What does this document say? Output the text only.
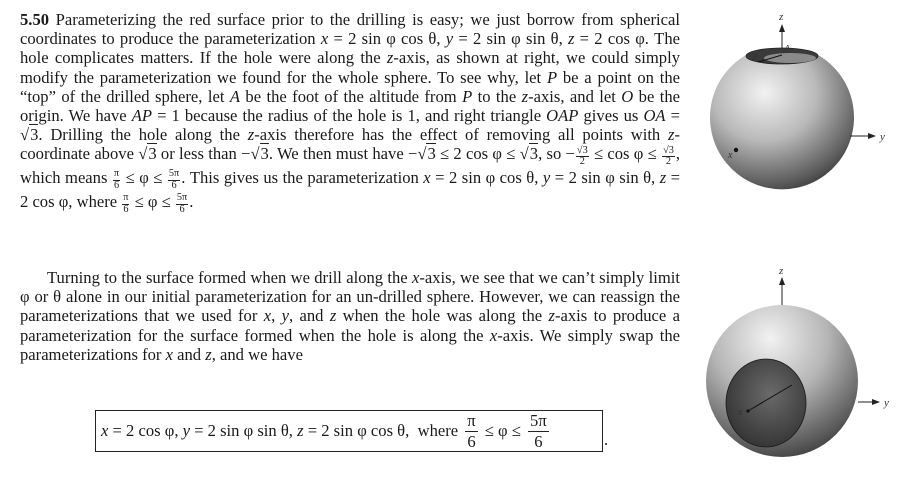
5.50 Parameterizing the red surface prior to the drilling is easy; we just borrow from spherical coordinates to produce the parameterization x = 2 sin φ cos θ, y = 2 sin φ sin θ, z = 2 cos φ. The hole complicates matters. If the hole were along the z-axis, as shown at right, we could simply modify the parameterization we found for the whole sphere. To see why, let P be a point on the “top” of the drilled sphere, let A be the foot of the altitude from P to the z-axis, and let O be the origin. We have AP = 1 because the radius of the hole is 1, and right triangle OAP gives us OA = √3. Drilling the hole along the z-axis therefore has the effect of removing all points with z-coordinate above √3 or less than −√3. We then must have −√3 ≤ 2 cos φ ≤ √3, so − $\frac{√3}{2} \le \cos \varphi \le \frac{√3}{2}$ , which means $\frac{\pi}{6} \le \varphi \le \frac{5\pi}{6}$ . This gives us the parameterization x = 2 sin φ cos θ, y = 2 sin φ sin θ, z = 2 cos φ, where $\frac{\pi}{6} \le \varphi \le \frac{5\pi}{6}$ .
Turning to the surface formed when we drill along the x-axis, we see that we can’t simply limit φ or θ alone in our initial parameterization for an un-drilled sphere. However, we can reassign the parameterizations that we used for x, y, and z when the hole was along the z-axis to produce a parameterization for the surface formed when the hole is along the x-axis. We simply swap the parameterizations for x and z, and we have
x = 2 cos φ, y = 2 sin φ sin θ, z = 2 sin φ cos θ,  where $\frac{\pi}{6} \le \varphi \le \frac{5\pi}{6}$	.
z
P
A
y
x
z
x
y
